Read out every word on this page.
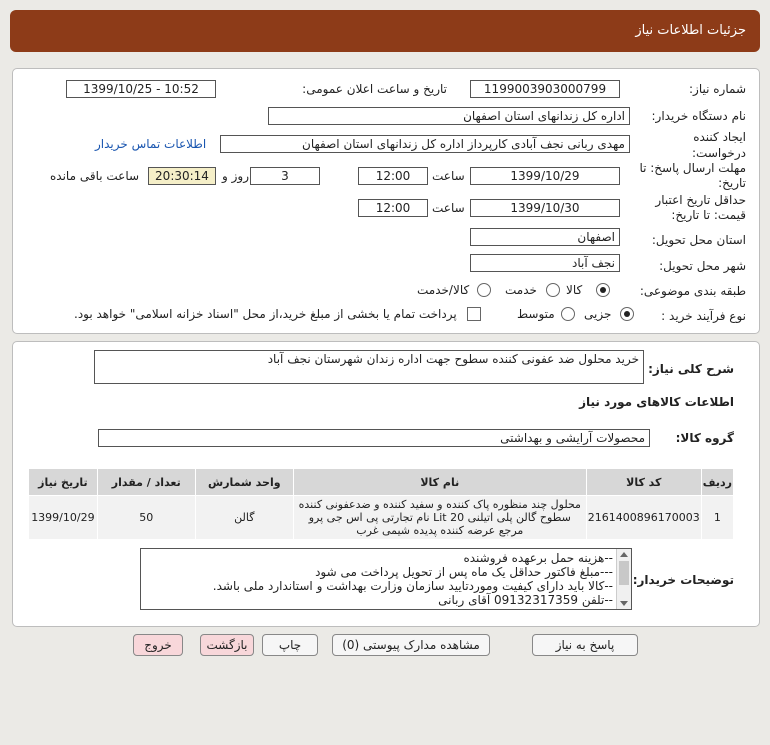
جزئیات اطلاعات نیاز
شماره نیاز:
1199003903000799
تاریخ و ساعت اعلان عمومی:
1399/10/25 - 10:52
نام دستگاه خریدار:
اداره کل زندانهای استان اصفهان
ایجاد کننده درخواست:
مهدی ربانی نجف آبادی کارپرداز اداره کل زندانهای استان اصفهان
اطلاعات تماس خریدار
مهلت ارسال پاسخ: تا تاریخ:
1399/10/29
ساعت
12:00
3
روز و
20:30:14
ساعت باقی مانده
حداقل تاریخ اعتبار قیمت: تا تاریخ:
1399/10/30
ساعت
12:00
استان محل تحویل:
اصفهان
شهر محل تحویل:
نجف آباد
طبقه بندی موضوعی:
کالا
خدمت
کالا/خدمت
نوع فرآیند خرید :
جزیی
متوسط
پرداخت تمام یا بخشی از مبلغ خرید،از محل "اسناد خزانه اسلامی" خواهد بود.
شرح کلی نیاز:
خرید محلول ضد عفونی کننده سطوح جهت اداره زندان شهرستان نجف آباد
اطلاعات کالاهای مورد نیاز
گروه کالا:
محصولات آرایشی و بهداشتی
ردیف	کد کالا	نام کالا	واحد شمارش	تعداد / مقدار	تاریخ نیاز
1	2161400896170003	محلول چند منظوره پاک کننده و سفید کننده و ضدعفونی کننده سطوح گالن پلی اتیلنی 20 Lit نام تجارتی پی اس جی پرو مرجع عرضه کننده پدیده شیمی غرب	گالن	50	1399/10/29
توضیحات خریدار:
--هزینه حمل برعهده فروشنده
---مبلغ فاکتور حداقل یک ماه پس از تحویل پرداخت می شود
--کالا باید دارای کیفیت وموردتایید سازمان وزارت بهداشت و استاندارد ملی باشد.
--تلفن 09132317359 آقای ربانی
پاسخ به نیاز
مشاهده مدارک پیوستی (0)
چاپ
بازگشت
خروج
